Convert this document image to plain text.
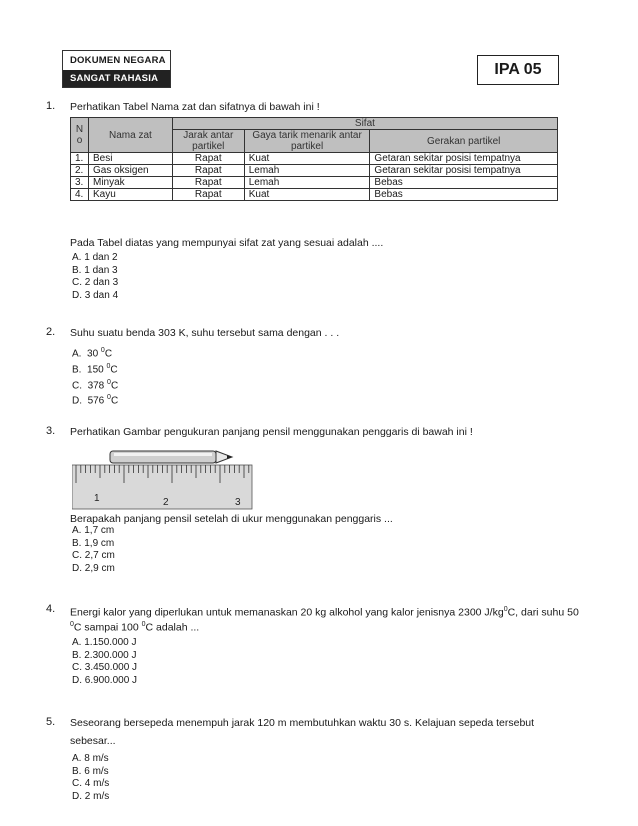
DOKUMEN NEGARA
SANGAT RAHASIA
IPA 05
1. Perhatikan Tabel Nama zat dan sifatnya di bawah ini !
N
o	Nama zat	Sifat		
		Jarak antar partikel	Gaya tarik menarik antar partikel	Gerakan partikel
1.	Besi	Rapat	Kuat	Getaran sekitar posisi tempatnya
2.	Gas oksigen	Rapat	Lemah	Getaran sekitar posisi tempatnya
3.	Minyak	Rapat	Lemah	Bebas
4.	Kayu	Rapat	Kuat	Bebas
Pada Tabel diatas yang mempunyai sifat zat yang sesuai adalah ....
A. 1 dan 2
B. 1 dan 3
C. 2 dan 3
D. 3 dan 4
2. Suhu suatu benda 303 K, suhu tersebut sama dengan . . .
A. 30 $^0$C
B. 150 $^0$C
C. 378 $^0$C
D. 576 $^0$C
3. Perhatikan Gambar pengukuran panjang pensil menggunakan penggaris di bawah ini !
1	2	3
Berapakah panjang pensil setelah di ukur menggunakan penggaris ...
A. 1,7 cm
B. 1,9 cm
C. 2,7 cm
D. 2,9 cm
4. Energi kalor yang diperlukan untuk memanaskan 20 kg alkohol yang kalor jenisnya 2300 $J/kg^0C$, dari suhu 50
$^0$C sampai 100 $^0$C adalah ...
A. 1.150.000 J
B. 2.300.000 J
C. 3.450.000 J
D. 6.900.000 J
5. Seseorang bersepeda menempuh jarak 120 m membutuhkan waktu 30 s. Kelajuan sepeda tersebut
sebesar...
A. 8 m/s
B. 6 m/s
C. 4 m/s
D. 2 m/s
